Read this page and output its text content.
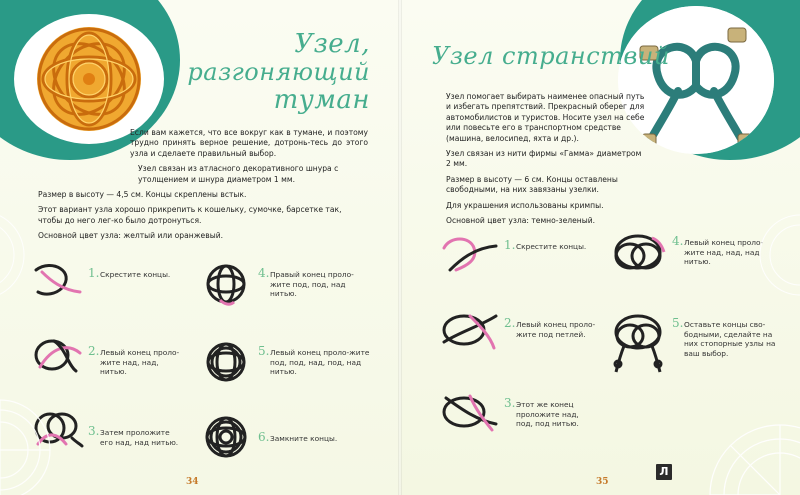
Узел,
разгоняющий
туман

Если вам кажется, что все вокруг как в тумане, и поэтому трудно принять верное решение, дотронь-тесь до этого узла и сделаете правильный выбор.

Узел связан из атласного декоративного шнура с утолщением и шнура диаметром 1 мм.

Размер в высоту — 4,5 см. Концы скреплены встык.

Этот вариант узла хорошо прикрепить к кошельку, сумочке, барсетке так, чтобы до него лег-ко было дотронуться.

Основной цвет узла: желтый или оранжевый.

1. Скрестите концы.
2. Левый конец проло-жите над, над, нитью.
3. Затем проложите его над, над нитью.
4. Правый конец проло-жите под, под, над нитью.
5. Левый конец проло-жите под, под, над, под, над нитью.
6. Замкните концы.
34
Узел странствий

Узел помогает выбирать наименее опасный путь и избегать препятствий. Прекрасный оберег для автомобилистов и туристов. Носите узел на себе или повесьте его в транспортном средстве (машина, велосипед, яхта и др.).

Узел связан из нити фирмы «Гамма» диаметром 2 мм.

Размер в высоту — 6 см. Концы оставлены свободными, на них завязаны узелки.

Для украшения использованы кримпы.

Основной цвет узла: темно-зеленый.

1. Скрестите концы.
2. Левый конец проло-жите под петлей.
3. Этот же конец проложите над, под, под нитью.
4. Левый конец проло-жите над, над, над нитью.
5. Оставьте концы сво-бодными, сделайте на них стопорные узлы на ваш выбор.
35
Л
